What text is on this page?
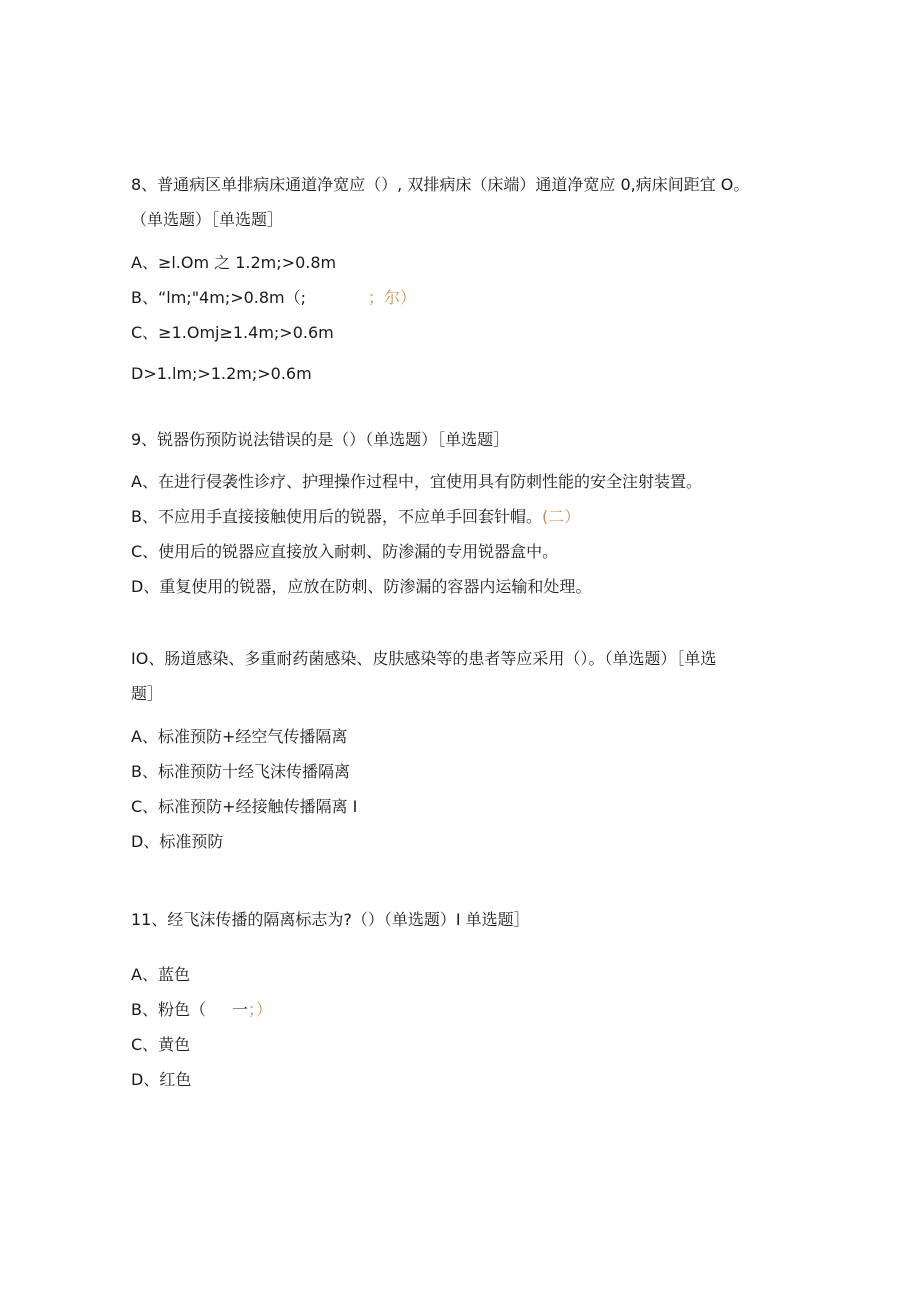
8、普通病区单排病床通道净宽应（）, 双排病床（床端）通道净宽应 0,病床间距宜 O。
（单选题）［单选题］
A、≥l.Om 之 1.2m;>0.8m
B、“lm;"4m;>0.8m（;	；尔）
C、≥1.Omj≥1.4m;>0.6m
D>1.lm;>1.2m;>0.6m
9、锐器伤预防说法错误的是（）（单选题）［单选题］
A、在进行侵袭性诊疗、护理操作过程中，宜使用具有防刺性能的安全注射装置。
B、不应用手直接接触使用后的锐器，不应单手回套针帽。(二）
C、使用后的锐器应直接放入耐刺、防渗漏的专用锐器盒中。
D、重复使用的锐器，应放在防刺、防渗漏的容器内运输和处理。
IO、肠道感染、多重耐药菌感染、皮肤感染等的患者等应采用（）。（单选题）［单选
题］
A、标准预防+经空气传播隔离
B、标准预防十经飞沫传播隔离
C、标准预防+经接触传播隔离 I
D、标准预防
11、经飞沫传播的隔离标志为?（）（单选题）I 单选题］
A、蓝色
B、粉色（ 一；）
C、黄色
D、红色
